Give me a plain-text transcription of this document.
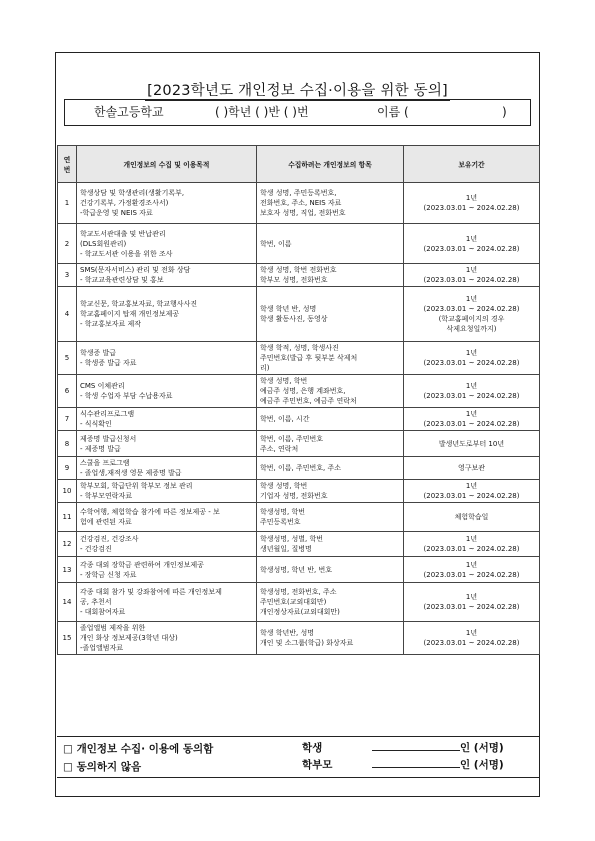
[2023학년도 개인정보 수집·이용을 위한 동의]
한솔고등학교	( )학년 ( )반 ( )번	이름 (	)
연번	개인정보의 수집 및 이용목적	수집하려는 개인정보의 항목	보유기간
1	학생상담 및 학생관리(생활기록부,
건강기록부, 가정환경조사서)
-학급운영 및 NEIS 자료	학생 성명, 주민등록번호,
전화번호, 주소, NEIS 자료
보호자 성명, 직업, 전화번호	1년
(2023.03.01 ~ 2024.02.28)

2	학교도서관대출 및 반납관리
(DLS회원관리)
- 학교도서관 이용을 위한 조사	학번, 이름	1년
(2023.03.01 ~ 2024.02.28)

3	SMS(문자서비스) 관리 및 전화 상담
- 학교교육관련상담 및 홍보	학생 성명, 학번 전화번호
학부모 성명, 전화번호	1년
(2023.03.01 ~ 2024.02.28)

4	학교신문, 학교홍보자료, 학교행사사진
학교홈페이지 탑재 개인정보제공
- 학교홍보자료 제작	학생 학년 반, 성명
학생 활동사진, 동영상	1년
(2023.03.01 ~ 2024.02.28)
(학교홈페이지의 경우
삭제요청일까지)

5	학생증 발급
- 학생증 발급 자료	학생 학적, 성명, 학생사진
주민번호(발급 후 뒷부분 삭제처
리)	1년
(2023.03.01 ~ 2024.02.28)

6	CMS 이체관리
- 학생 수업자 부담 수납용자료	학생 성명, 학번
예금주 성명, 은행 계좌번호,
예금주 주민번호, 예금주 연락처	1년
(2023.03.01 ~ 2024.02.28)

7	식수관리프로그램
- 식식확인	학번, 이름, 시간	1년
(2023.03.01 ~ 2024.02.28)

8	제증명 발급신청서
- 제증명 발급	학번, 이름, 주민번호
주소, 연락처	발생년도로부터 10년

9	스쿨을 프로그램
- 졸업생,재적생 영문 제증명 발급	학번, 이름, 주민번호, 주소	영구보관

10	학부모회, 학급단위 학부모 정보 관리
- 학부모연락자료	학생 성명, 학번
기업자 성명, 전화번호	1년
(2023.03.01 ~ 2024.02.28)

11	수학여행, 체험학습 참가에 따른 정보제공 - 보
험에 관련된 자료	학생성명, 학번
주민등록번호	체험학습일

12	건강검진, 건강조사
- 건강검진	학생성명, 성별, 학번
생년월일, 질병명	1년
(2023.03.01 ~ 2024.02.28)

13	각종 대외 장학금 관련하여 개인정보제공
- 장학금 신청 자료	학생성명, 학년 반, 번호	1년
(2023.03.01 ~ 2024.02.28)

14	각종 대회 참가 및 강좌참여에 따른 개인정보제
공, 추천서
- 대회참여자료	학생성명, 전화번호, 주소
주민번호(교외대회만)
개인정상자료(교외대회만)	1년
(2023.03.01 ~ 2024.02.28)

15	졸업앨범 제작을 위한
개인 화상 정보제공(3학년 대상)
-졸업앨범자료	학생 학년반, 성명
개인 및 소그룹(학급) 화상자료	1년
(2023.03.01 ~ 2024.02.28)
□ 개인정보 수집· 이용에 동의함
□ 동의하지 않음
학생	인 (서명)
학부모	인 (서명)
